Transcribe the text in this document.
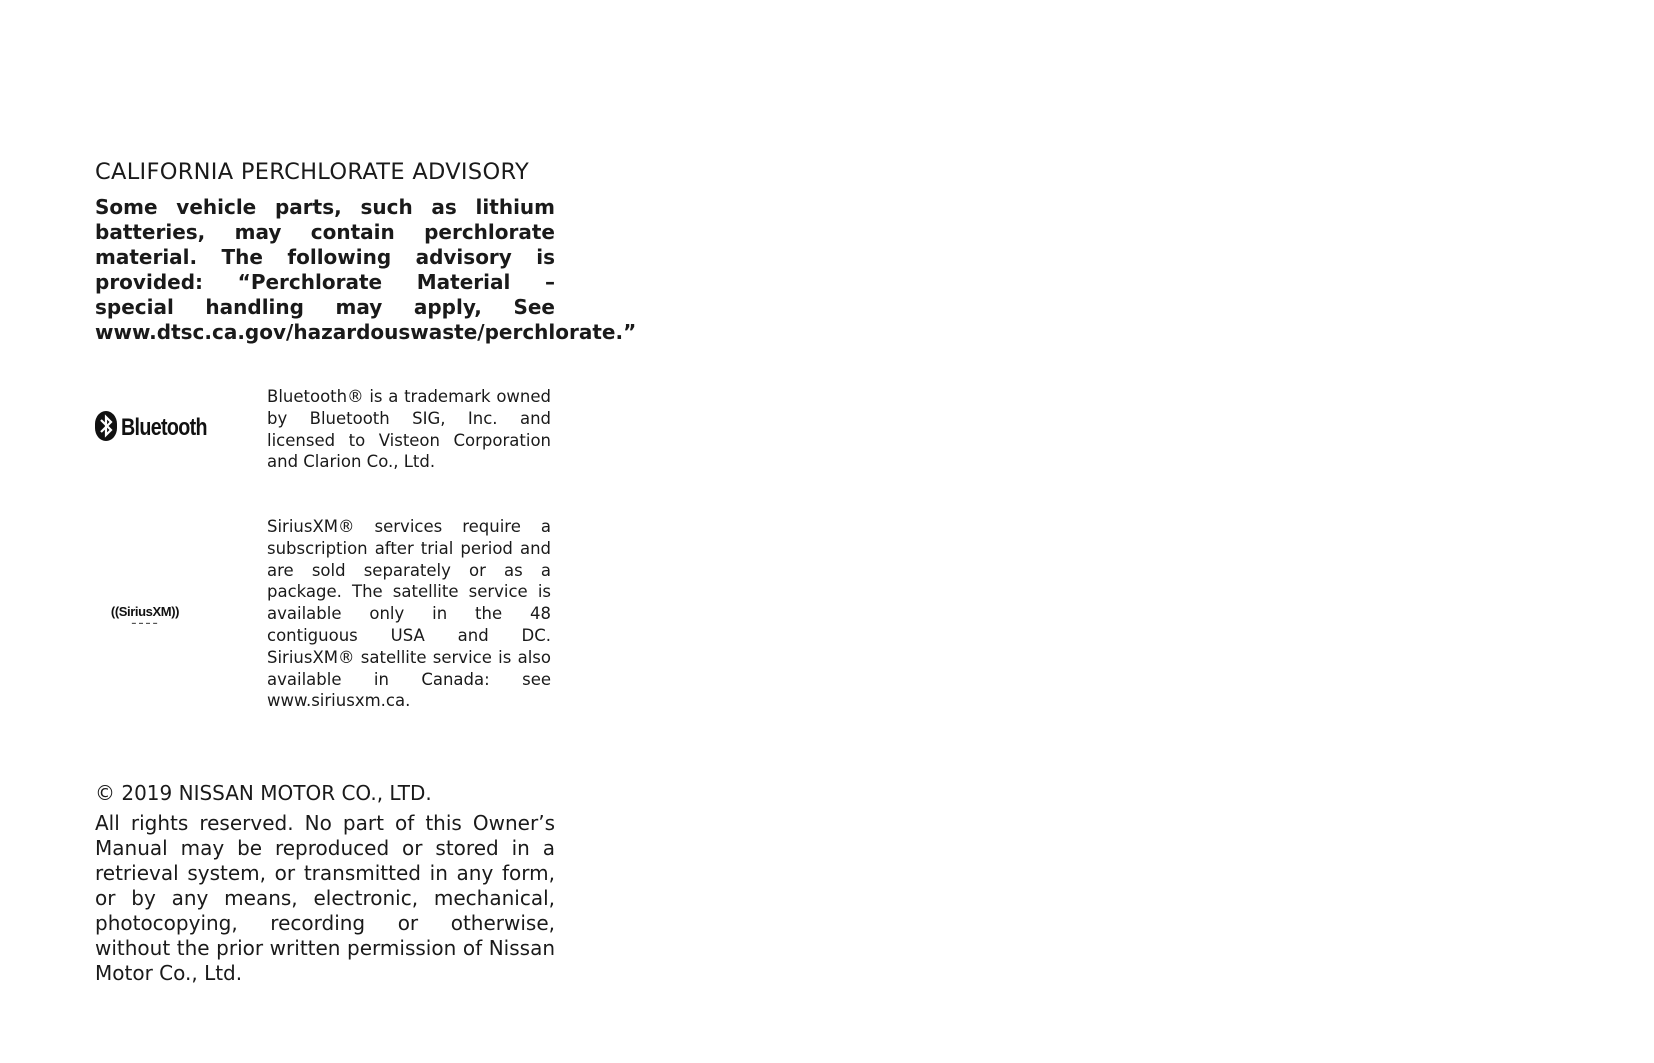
CALIFORNIA PERCHLORATE ADVISORY

Some vehicle parts, such as lithium batteries, may contain perchlorate material. The following advisory is provided: “Perchlorate Material – special handling may apply, See www.dtsc.ca.gov/hazardouswaste/perchlorate.”

Bluetooth
Bluetooth® is a trademark owned by Bluetooth SIG, Inc. and licensed to Visteon Corporation and Clarion Co., Ltd.
((SiriusXM))
▬ ▬ ▬ ▬
SiriusXM® services require a subscription after trial period and are sold separately or as a package. The satellite service is available only in the 48 contiguous USA and DC. SiriusXM® satellite service is also available in Canada: see www.siriusxm.ca.

© 2019 NISSAN MOTOR CO., LTD.

All rights reserved. No part of this Owner’s Manual may be reproduced or stored in a retrieval system, or transmitted in any form, or by any means, electronic, mechanical, photocopying, recording or otherwise, without the prior written permission of Nissan Motor Co., Ltd.
